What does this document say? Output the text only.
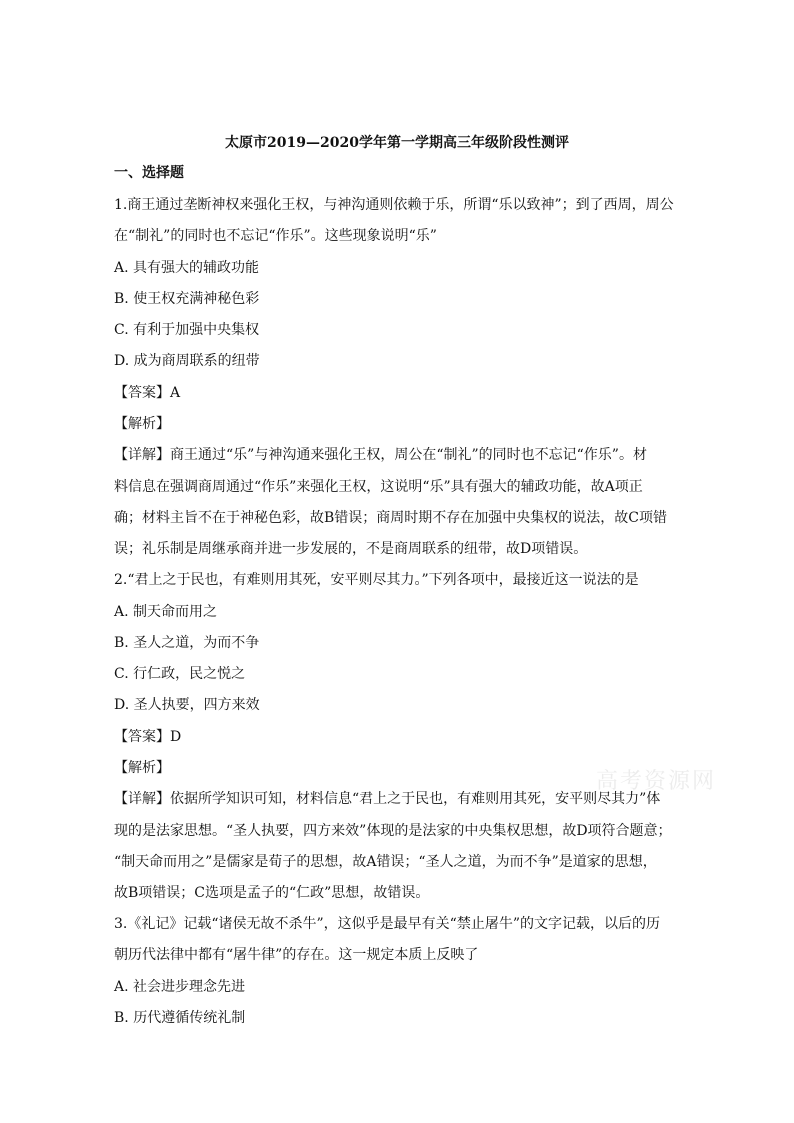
太原市2019—2020学年第一学期高三年级阶段性测评
一、选择题
1.商王通过垄断神权来强化王权，与神沟通则依赖于乐，所谓“乐以致神”；到了西周，周公
在“制礼”的同时也不忘记“作乐”。这些现象说明“乐”
A. 具有强大的辅政功能
B. 使王权充满神秘色彩
C. 有利于加强中央集权
D. 成为商周联系的纽带
【答案】A
【解析】
【详解】商王通过“乐”与神沟通来强化王权，周公在“制礼”的同时也不忘记“作乐”。材
料信息在强调商周通过“作乐”来强化王权，这说明“乐”具有强大的辅政功能，故A项正
确；材料主旨不在于神秘色彩，故B错误；商周时期不存在加强中央集权的说法，故C项错
误；礼乐制是周继承商并进一步发展的，不是商周联系的纽带，故D项错误。
2.“君上之于民也，有难则用其死，安平则尽其力。”下列各项中，最接近这一说法的是
A. 制天命而用之
B. 圣人之道，为而不争
C. 行仁政，民之悦之
D. 圣人执要，四方来效
【答案】D
【解析】
【详解】依据所学知识可知，材料信息“君上之于民也，有难则用其死，安平则尽其力”体
现的是法家思想。“圣人执要，四方来效”体现的是法家的中央集权思想，故D项符合题意；
“制天命而用之”是儒家是荀子的思想，故A错误；“圣人之道，为而不争”是道家的思想，
故B项错误；C选项是孟子的“仁政”思想，故错误。
3.《礼记》记载“诸侯无故不杀牛”，这似乎是最早有关“禁止屠牛”的文字记载，以后的历
朝历代法律中都有“屠牛律”的存在。这一规定本质上反映了
A. 社会进步理念先进
B. 历代遵循传统礼制
高考资源网
